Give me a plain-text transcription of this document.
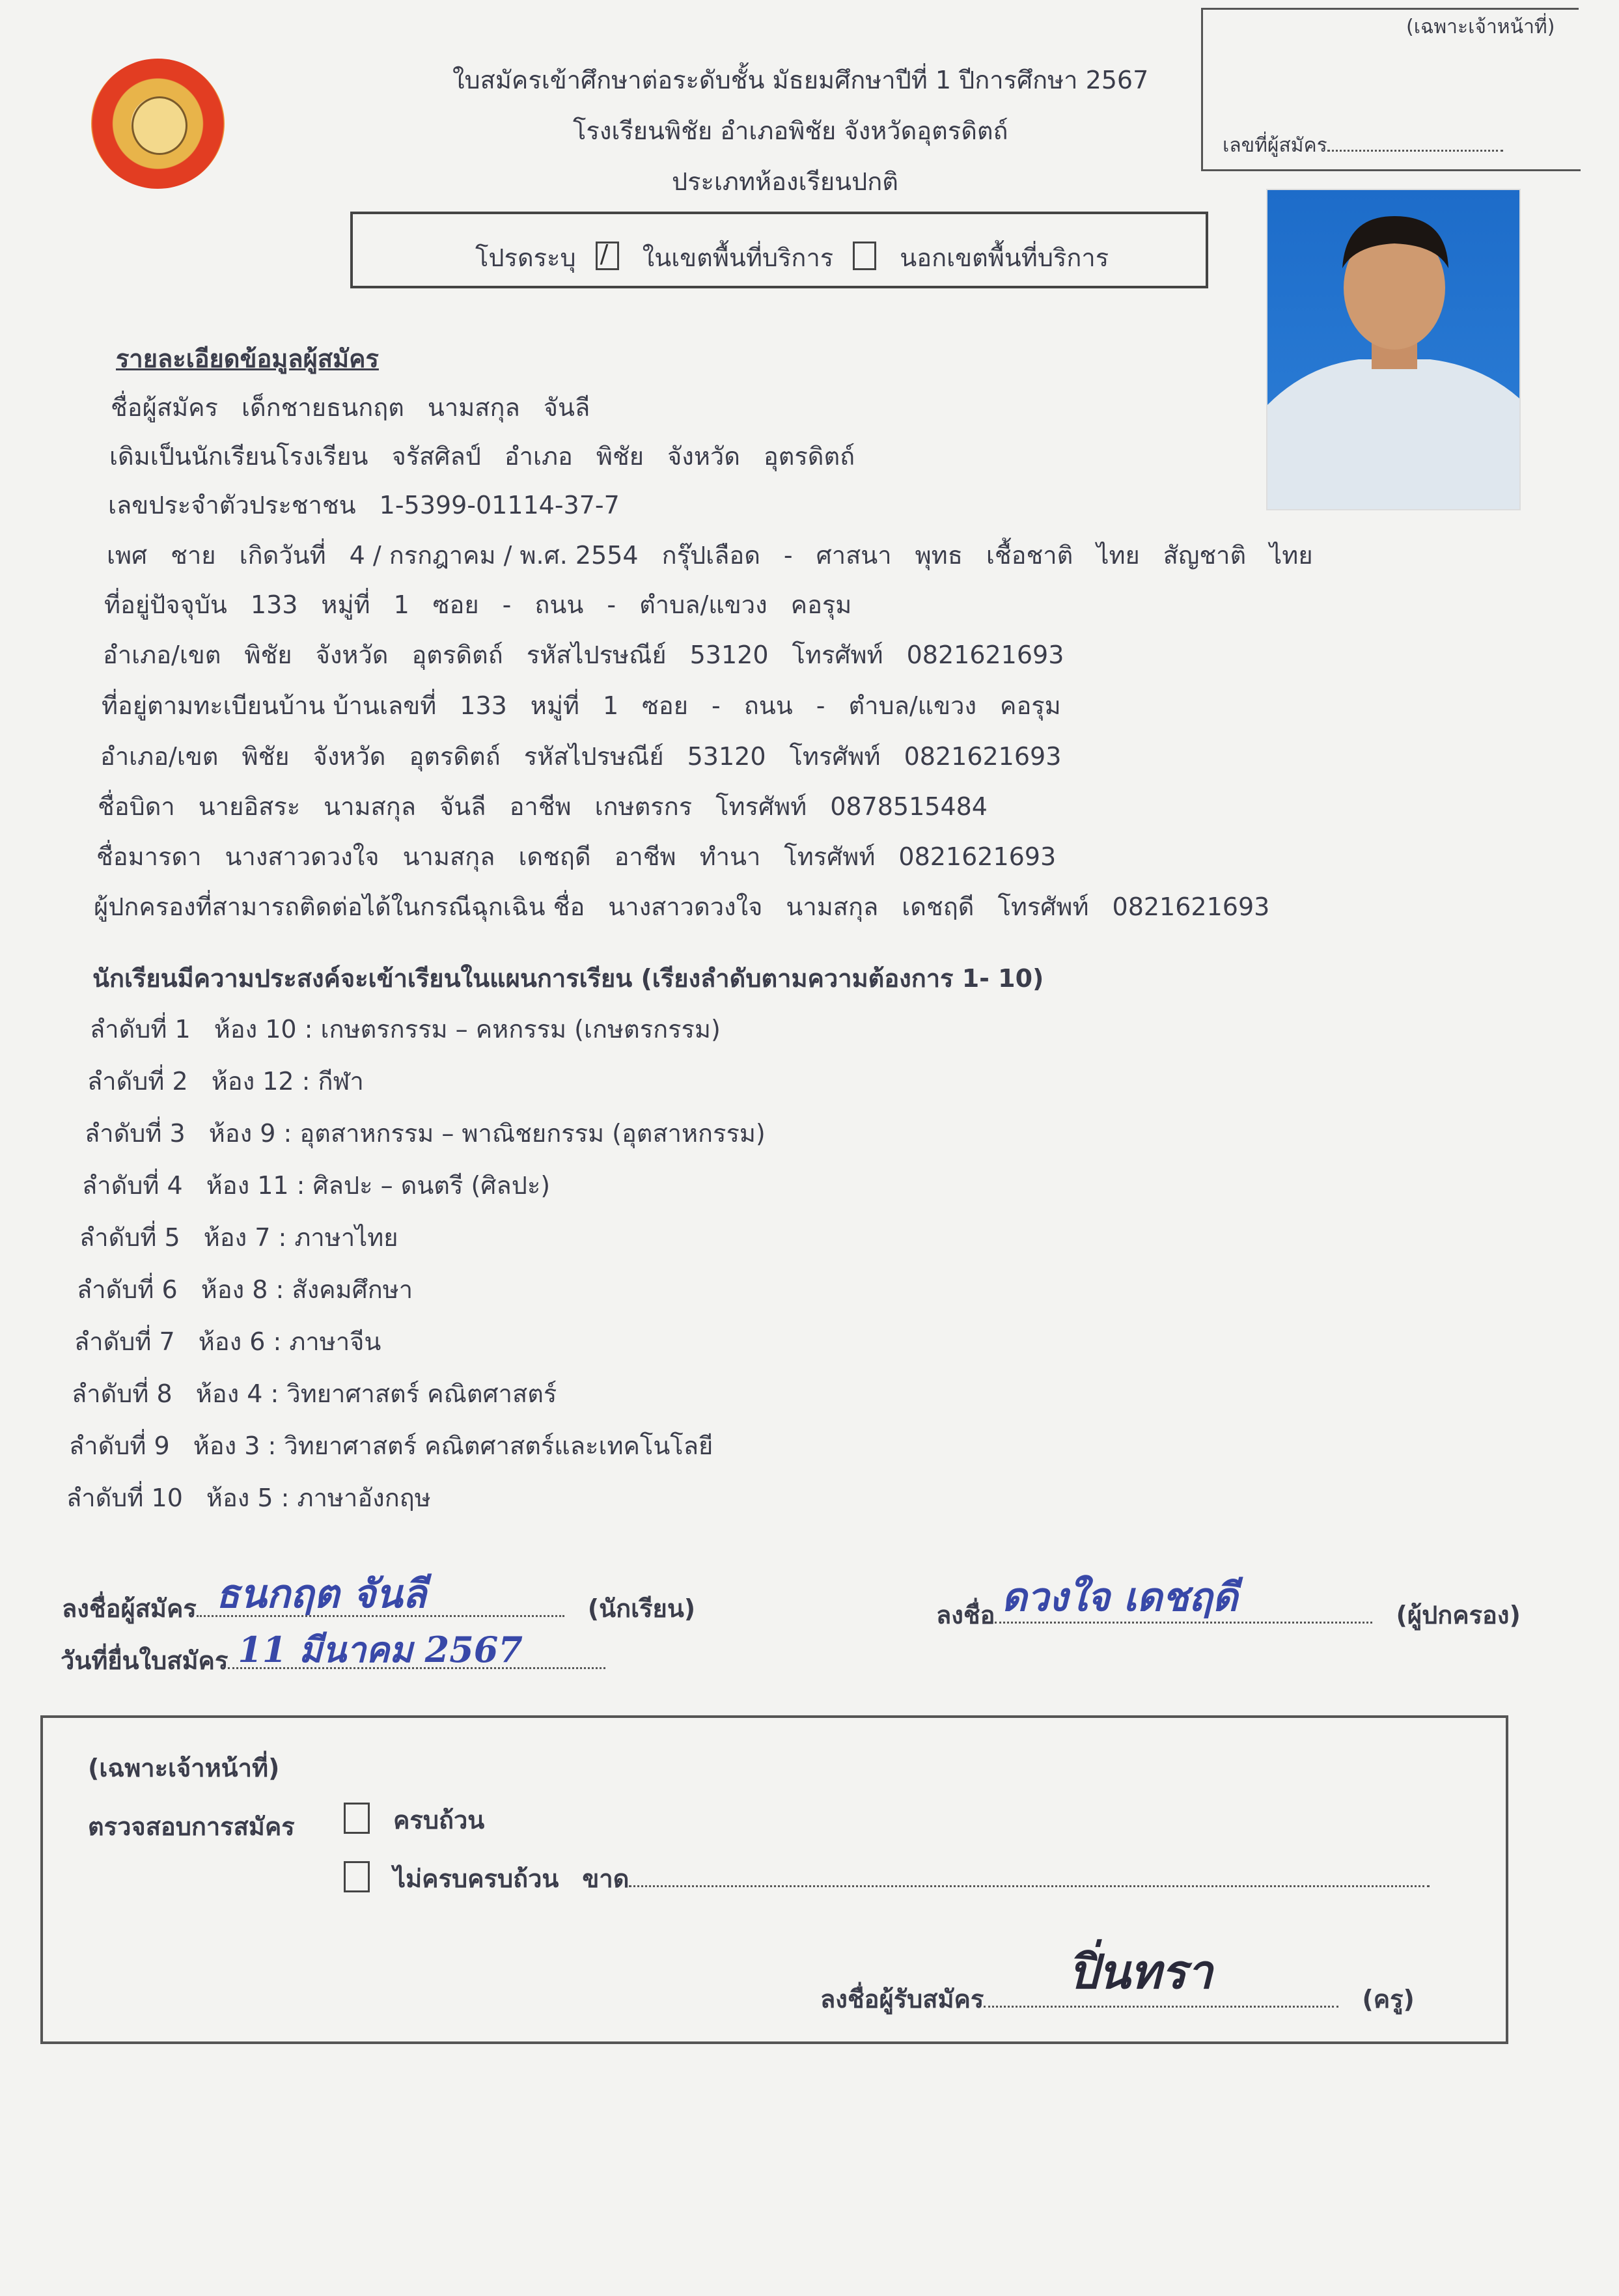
ใบสมัครเข้าศึกษาต่อระดับชั้น มัธยมศึกษาปีที่ 1 ปีการศึกษา 2567
โรงเรียนพิชัย อำเภอพิชัย จังหวัดอุตรดิตถ์
ประเภทห้องเรียนปกติ
(เฉพาะเจ้าหน้าที่)
เลขที่ผู้สมัคร
โปรดระบุ /	ในเขตพื้นที่บริการ	นอกเขตพื้นที่บริการ
รายละเอียดข้อมูลผู้สมัคร
ชื่อผู้สมัคร เด็กชายธนกฤต นามสกุล จันลี
เดิมเป็นนักเรียนโรงเรียน จรัสศิลป์ อำเภอ พิชัย จังหวัด อุตรดิตถ์
เลขประจำตัวประชาชน 1-5399-01114-37-7
เพศ ชาย เกิดวันที่ 4 / กรกฎาคม / พ.ศ. 2554 กรุ๊ปเลือด - ศาสนา พุทธ เชื้อชาติ ไทย สัญชาติ ไทย
ที่อยู่ปัจจุบัน 133 หมู่ที่ 1 ซอย - ถนน - ตำบล/แขวง คอรุม
อำเภอ/เขต พิชัย จังหวัด อุตรดิตถ์ รหัสไปรษณีย์ 53120 โทรศัพท์ 0821621693
ที่อยู่ตามทะเบียนบ้าน บ้านเลขที่ 133 หมู่ที่ 1 ซอย - ถนน - ตำบล/แขวง คอรุม
อำเภอ/เขต พิชัย จังหวัด อุตรดิตถ์ รหัสไปรษณีย์ 53120 โทรศัพท์ 0821621693
ชื่อบิดา นายอิสระ นามสกุล จันลี อาชีพ เกษตรกร โทรศัพท์ 0878515484
ชื่อมารดา นางสาวดวงใจ นามสกุล เดชฤดี อาชีพ ทำนา โทรศัพท์ 0821621693
ผู้ปกครองที่สามารถติดต่อได้ในกรณีฉุกเฉิน ชื่อ นางสาวดวงใจ นามสกุล เดชฤดี โทรศัพท์ 0821621693
นักเรียนมีความประสงค์จะเข้าเรียนในแผนการเรียน (เรียงลำดับตามความต้องการ 1- 10)
ลำดับที่ 1 ห้อง 10 : เกษตรกรรม – คหกรรม (เกษตรกรรม)
ลำดับที่ 2 ห้อง 12 : กีฬา
ลำดับที่ 3 ห้อง 9 : อุตสาหกรรม – พาณิชยกรรม (อุตสาหกรรม)
ลำดับที่ 4 ห้อง 11 : ศิลปะ – ดนตรี (ศิลปะ)
ลำดับที่ 5 ห้อง 7 : ภาษาไทย
ลำดับที่ 6 ห้อง 8 : สังคมศึกษา
ลำดับที่ 7 ห้อง 6 : ภาษาจีน
ลำดับที่ 8 ห้อง 4 : วิทยาศาสตร์ คณิตศาสตร์
ลำดับที่ 9 ห้อง 3 : วิทยาศาสตร์ คณิตศาสตร์และเทคโนโลยี
ลำดับที่ 10 ห้อง 5 : ภาษาอังกฤษ
ลงชื่อผู้สมัคร ธนกฤต จันลี	(นักเรียน)
วันที่ยื่นใบสมัคร 11 มีนาคม 2567
ลงชื่อ ดวงใจ เดชฤดี	(ผู้ปกครอง)
(เฉพาะเจ้าหน้าที่)
ตรวจสอบการสมัคร	ครบถ้วน
ไม่ครบครบถ้วน ขาด
ลงชื่อผู้รับสมัคร ปิ่นทรา	(ครู)
